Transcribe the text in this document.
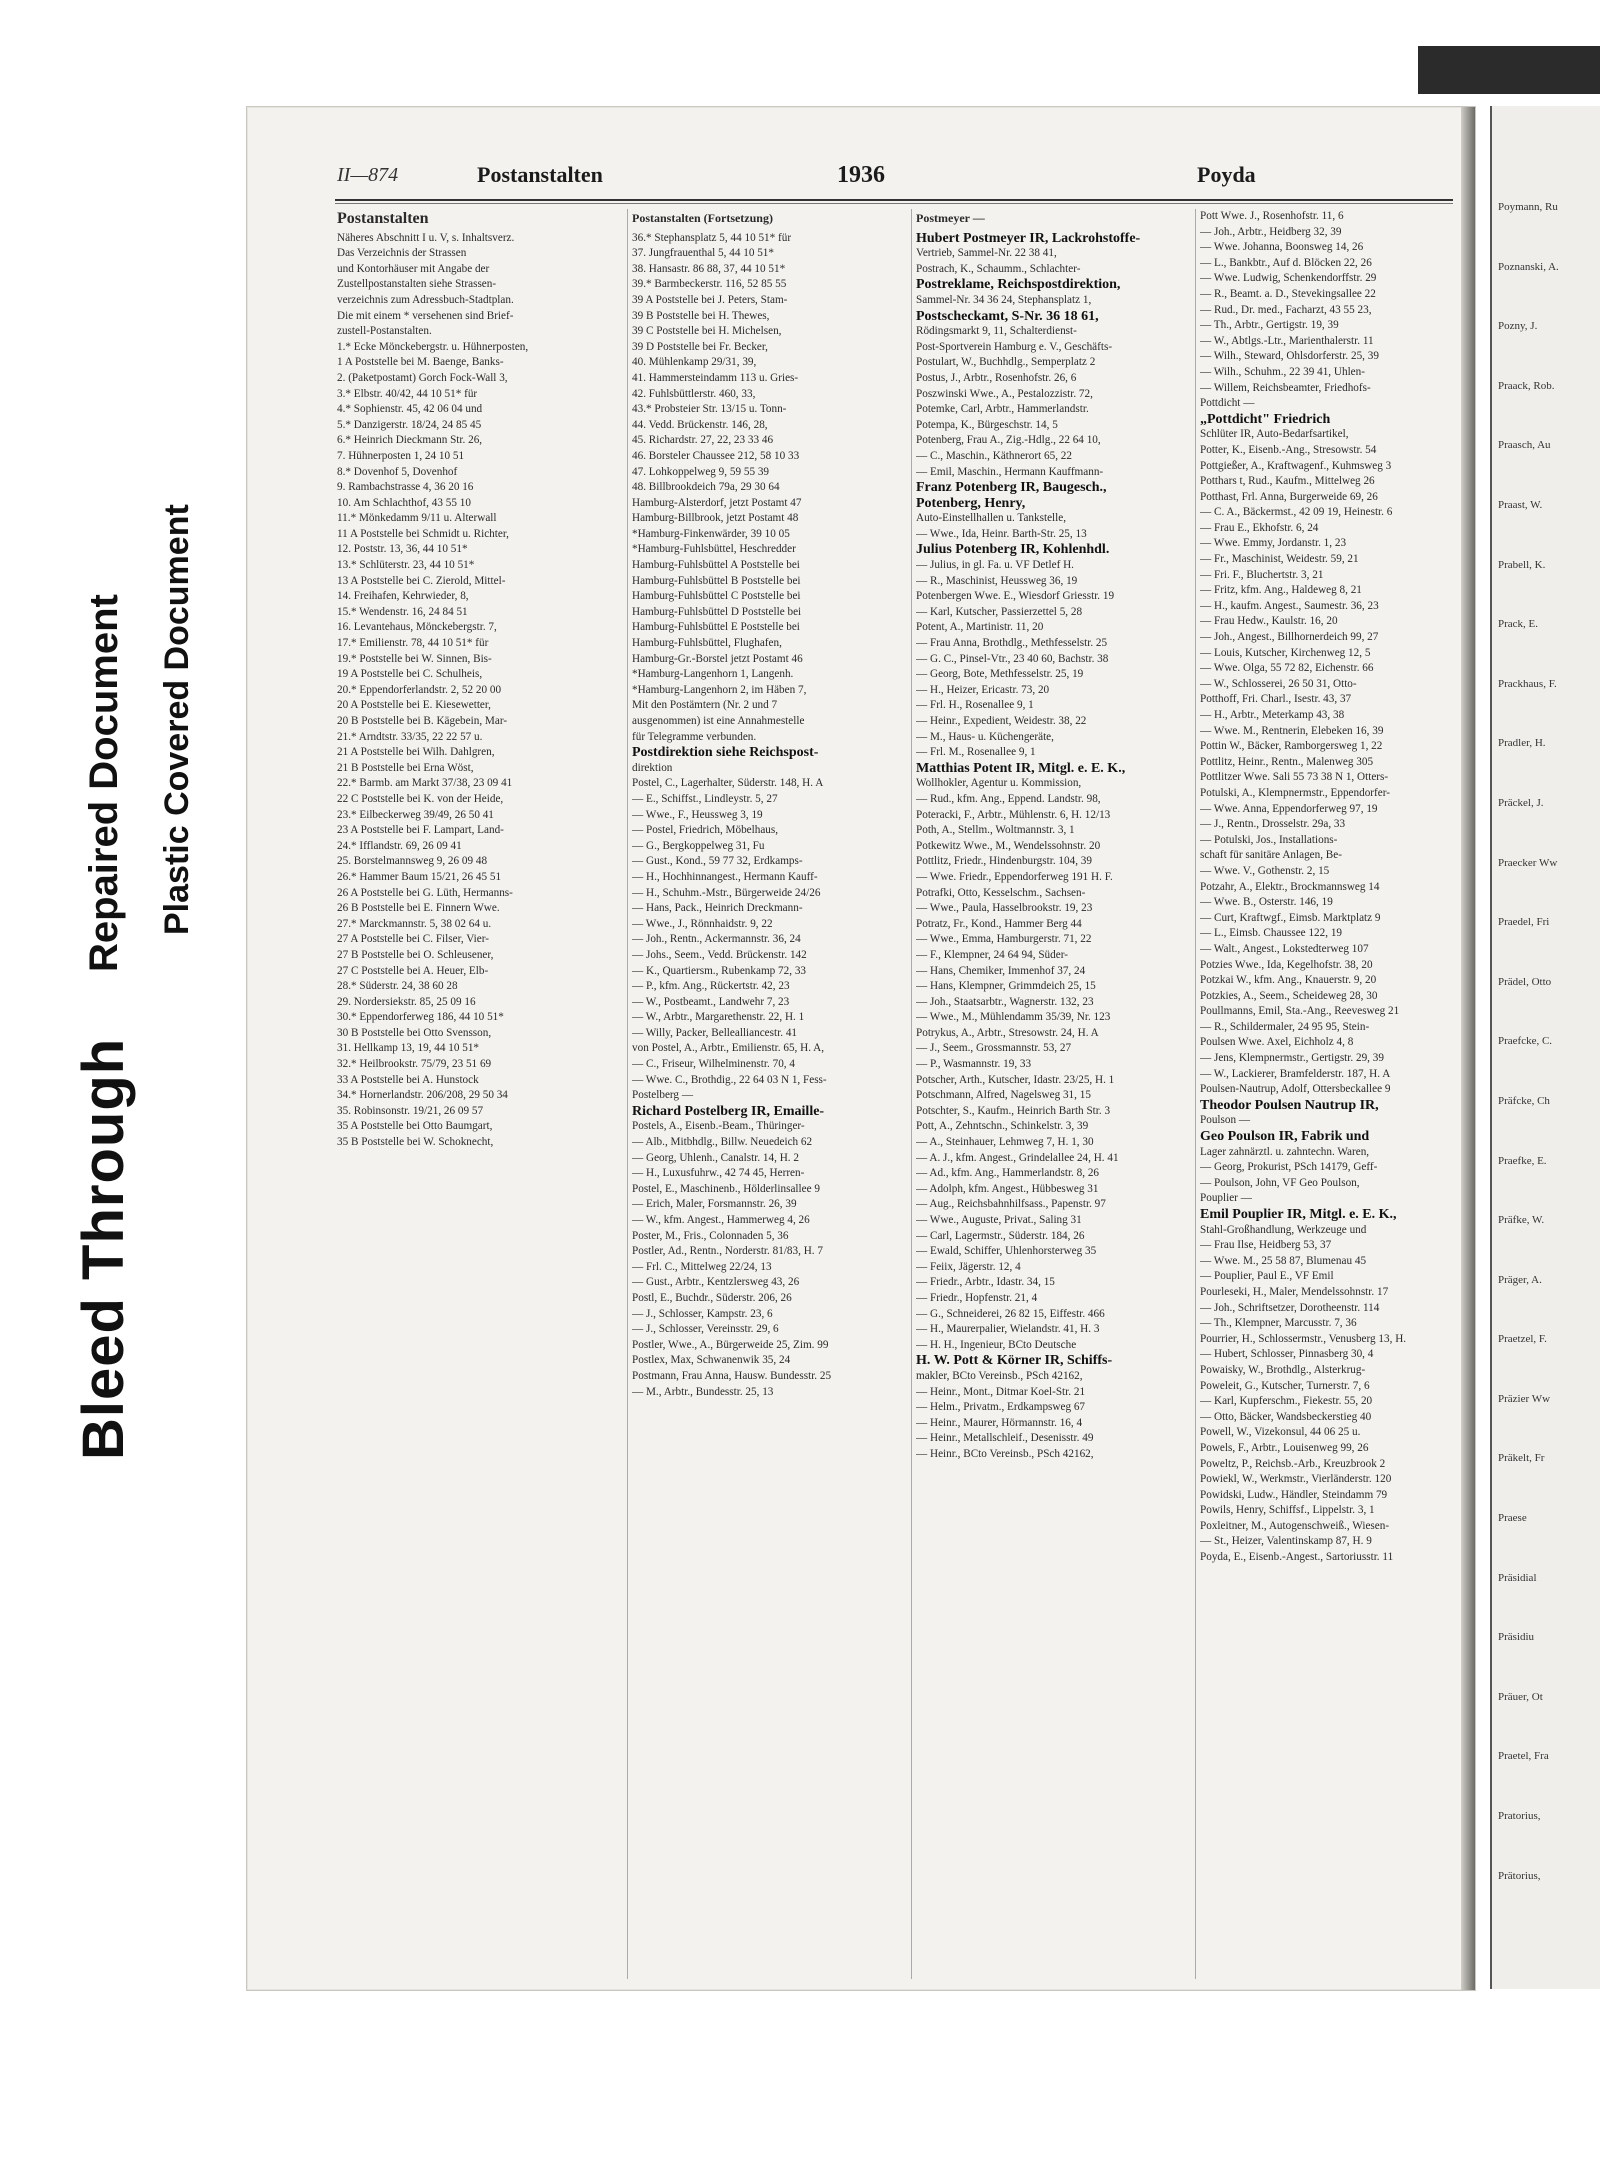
Bleed Through
Repaired Document Plastic Covered Document
II—874	Postanstalten	1936	Poyda
Postanstalten

Näheres Abschnitt I u. V, s. Inhaltsverz.

Das Verzeichnis der Strassen

und Kontorhäuser mit Angabe der

Zustellpostanstalten siehe Strassen-

verzeichnis zum Adressbuch-Stadtplan.

Die mit einem * versehenen sind Brief-

zustell-Postanstalten.

1.* Ecke Mönckebergstr. u. Hühnerposten,

1 A Poststelle bei M. Baenge, Banks-

2. (Paketpostamt) Gorch Fock-Wall 3,

3.* Elbstr. 40/42, 44 10 51* für

4.* Sophienstr. 45, 42 06 04 und

5.* Danzigerstr. 18/24, 24 85 45

6.* Heinrich Dieckmann Str. 26,

7. Hühnerposten 1, 24 10 51

8.* Dovenhof 5, Dovenhof

9. Rambachstrasse 4, 36 20 16

10. Am Schlachthof, 43 55 10

11.* Mönkedamm 9/11 u. Alterwall

11 A Poststelle bei Schmidt u. Richter,

12. Poststr. 13, 36, 44 10 51*

13.* Schlüterstr. 23, 44 10 51*

13 A Poststelle bei C. Zierold, Mittel-

14. Freihafen, Kehrwieder, 8,

15.* Wendenstr. 16, 24 84 51

16. Levantehaus, Mönckebergstr. 7,

17.* Emilienstr. 78, 44 10 51* für

19.* Poststelle bei W. Sinnen, Bis-

19 A Poststelle bei C. Schulheis,

20.* Eppendorferlandstr. 2, 52 20 00

20 A Poststelle bei E. Kiesewetter,

20 B Poststelle bei B. Kägebein, Mar-

21.* Arndtstr. 33/35, 22 22 57 u.

21 A Poststelle bei Wilh. Dahlgren,

21 B Poststelle bei Erna Wöst,

22.* Barmb. am Markt 37/38, 23 09 41

22 C Poststelle bei K. von der Heide,

23.* Eilbeckerweg 39/49, 26 50 41

23 A Poststelle bei F. Lampart, Land-

24.* Ifflandstr. 69, 26 09 41

25. Borstelmannsweg 9, 26 09 48

26.* Hammer Baum 15/21, 26 45 51

26 A Poststelle bei G. Lüth, Hermanns-

26 B Poststelle bei E. Finnern Wwe.

27.* Marckmannstr. 5, 38 02 64 u.

27 A Poststelle bei C. Filser, Vier-

27 B Poststelle bei O. Schleusener,

27 C Poststelle bei A. Heuer, Elb-

28.* Süderstr. 24, 38 60 28

29. Nordersiekstr. 85, 25 09 16

30.* Eppendorferweg 186, 44 10 51*

30 B Poststelle bei Otto Svensson,

31. Hellkamp 13, 19, 44 10 51*

32.* Heilbrookstr. 75/79, 23 51 69

33 A Poststelle bei A. Hunstock

34.* Hornerlandstr. 206/208, 29 50 34

35. Robinsonstr. 19/21, 26 09 57

35 A Poststelle bei Otto Baumgart,

35 B Poststelle bei W. Schoknecht,

Postanstalten (Fortsetzung)

36.* Stephansplatz 5, 44 10 51* für

37. Jungfrauenthal 5, 44 10 51*

38. Hansastr. 86 88, 37, 44 10 51*

39.* Barmbeckerstr. 116, 52 85 55

39 A Poststelle bei J. Peters, Stam-

39 B Poststelle bei H. Thewes,

39 C Poststelle bei H. Michelsen,

39 D Poststelle bei Fr. Becker,

40. Mühlenkamp 29/31, 39,

41. Hammersteindamm 113 u. Gries-

42. Fuhlsbüttlerstr. 460, 33,

43.* Probsteier Str. 13/15 u. Tonn-

44. Vedd. Brückenstr. 146, 28,

45. Richardstr. 27, 22, 23 33 46

46. Borsteler Chaussee 212, 58 10 33

47. Lohkoppelweg 9, 59 55 39

48. Billbrookdeich 79a, 29 30 64

Hamburg-Alsterdorf, jetzt Postamt 47

Hamburg-Billbrook, jetzt Postamt 48

*Hamburg-Finkenwärder, 39 10 05

*Hamburg-Fuhlsbüttel, Heschredder

Hamburg-Fuhlsbüttel A Poststelle bei

Hamburg-Fuhlsbüttel B Poststelle bei

Hamburg-Fuhlsbüttel C Poststelle bei

Hamburg-Fuhlsbüttel D Poststelle bei

Hamburg-Fuhlsbüttel E Poststelle bei

Hamburg-Fuhlsbüttel, Flughafen,

Hamburg-Gr.-Borstel jetzt Postamt 46

*Hamburg-Langenhorn 1, Langenh.

*Hamburg-Langenhorn 2, im Häben 7,

Mit den Postämtern (Nr. 2 und 7

ausgenommen) ist eine Annahmestelle

für Telegramme verbunden.

Postdirektion siehe Reichspost-

direktion

Postel, C., Lagerhalter, Süderstr. 148, H. A

— E., Schiffst., Lindleystr. 5, 27

— Wwe., F., Heussweg 3, 19

— Postel, Friedrich, Möbelhaus,

— G., Bergkoppelweg 31, Fu

— Gust., Kond., 59 77 32, Erdkamps-

— H., Hochhinnangest., Hermann Kauff-

— H., Schuhm.-Mstr., Bürgerweide 24/26

— Hans, Pack., Heinrich Dreckmann-

— Wwe., J., Rönnhaidstr. 9, 22

— Joh., Rentn., Ackermannstr. 36, 24

— Johs., Seem., Vedd. Brückenstr. 142

— K., Quartiersm., Rubenkamp 72, 33

— P., kfm. Ang., Rückertstr. 42, 23

— W., Postbeamt., Landwehr 7, 23

— W., Arbtr., Margarethenstr. 22, H. 1

— Willy, Packer, Belleallianсestr. 41

von Postel, A., Arbtr., Emilienstr. 65, H. A,

— C., Friseur, Wilhelminenstr. 70, 4

— Wwe. C., Brothdig., 22 64 03 N 1, Fess-

Postelberg —

Richard Postelberg IR, Emaille-

Postels, A., Eisenb.-Beam., Thüringer-

— Alb., Mitbhdlg., Billw. Neuedeich 62

— Georg, Uhlenh., Canalstr. 14, H. 2

— H., Luxusfuhrw., 42 74 45, Herren-

Postel, E., Maschinenb., Hölderlinsallee 9

— Erich, Maler, Forsmannstr. 26, 39

— W., kfm. Angest., Hammerweg 4, 26

Poster, M., Fris., Colonnaden 5, 36

Postler, Ad., Rentn., Norderstr. 81/83, H. 7

— Frl. C., Mittelweg 22/24, 13

— Gust., Arbtr., Kentzlersweg 43, 26

Postl, E., Buchdr., Süderstr. 206, 26

— J., Schlosser, Kampstr. 23, 6

— J., Schlosser, Vereinsstr. 29, 6

Postler, Wwe., A., Bürgerweide 25, Zim. 99

Postlex, Max, Schwanenwik 35, 24

Postmann, Frau Anna, Hausw. Bundesstr. 25

— M., Arbtr., Bundesstr. 25, 13

Postmeyer —

Hubert Postmeyer IR, Lackrohstoffe-

Vertrieb, Sammel-Nr. 22 38 41,

Postrach, K., Schaumm., Schlachter-

Postreklame, Reichspostdirektion,

Sammel-Nr. 34 36 24, Stephansplatz 1,

Postscheckamt, S-Nr. 36 18 61,

Rödingsmarkt 9, 11, Schalterdienst-

Post-Sportverein Hamburg e. V., Geschäfts-

Postulart, W., Buchhdlg., Semperplatz 2

Postus, J., Arbtr., Rosenhofstr. 26, 6

Poszwinski Wwe., A., Pestalozzistr. 72,

Potemke, Carl, Arbtr., Hammerlandstr.

Potempa, K., Bürgeschstr. 14, 5

Potenberg, Frau A., Zig.-Hdlg., 22 64 10,

— C., Maschin., Käthnerort 65, 22

— Emil, Maschin., Hermann Kauffmann-

Franz Potenberg IR, Baugesch.,

Potenberg, Henry,

Auto-Einstellhallen u. Tankstelle,

— Wwe., Ida, Heinr. Barth-Str. 25, 13

Julius Potenberg IR, Kohlenhdl.

— Julius, in gl. Fa. u. VF Detlef H.

— R., Maschinist, Heussweg 36, 19

Potenbergen Wwe. E., Wiesdorf Griesstr. 19

— Karl, Kutscher, Passierzettel 5, 28

Potent, A., Martinistr. 11, 20

— Frau Anna, Brothdlg., Methfesselstr. 25

— G. C., Pinsel-Vtr., 23 40 60, Bachstr. 38

— Georg, Bote, Methfesselstr. 25, 19

— H., Heizer, Ericastr. 73, 20

— Frl. H., Rosenallee 9, 1

— Heinr., Expedient, Weidestr. 38, 22

— M., Haus- u. Küchengeräte,

— Frl. M., Rosenallee 9, 1

Matthias Potent IR, Mitgl. e. E. K.,

Wollhokler, Agentur u. Kommission,

— Rud., kfm. Ang., Eppend. Landstr. 98,

Poteracki, F., Arbtr., Mühlenstr. 6, H. 12/13

Poth, A., Stellm., Woltmannstr. 3, 1

Potkewitz Wwe., M., Wendelssohnstr. 20

Pottlitz, Friedr., Hindenburgstr. 104, 39

— Wwe. Friedr., Eppendorferweg 191 H. F.

Potrafki, Otto, Kesselschm., Sachsen-

— Wwe., Paula, Hasselbrookstr. 19, 23

Potratz, Fr., Kond., Hammer Berg 44

— Wwe., Emma, Hamburgerstr. 71, 22

— F., Klempner, 24 64 94, Süder-

— Hans, Chemiker, Immenhof 37, 24

— Hans, Klempner, Grimmdeich 25, 15

— Joh., Staatsarbtr., Wagnerstr. 132, 23

— Wwe., M., Mühlendamm 35/39, Nr. 123

Potrykus, A., Arbtr., Stresowstr. 24, H. A

— J., Seem., Grossmannstr. 53, 27

— P., Wasmannstr. 19, 33

Potscher, Arth., Kutscher, Idastr. 23/25, H. 1

Potschmann, Alfred, Nagelsweg 31, 15

Potschter, S., Kaufm., Heinrich Barth Str. 3

Pott, A., Zehntschn., Schinkelstr. 3, 39

— A., Steinhauer, Lehmweg 7, H. 1, 30

— A. J., kfm. Angest., Grindelallee 24, H. 41

— Ad., kfm. Ang., Hammerlandstr. 8, 26

— Adolph, kfm. Angest., Hübbesweg 31

— Aug., Reichsbahnhilfsass., Papenstr. 97

— Wwe., Auguste, Privat., Saling 31

— Carl, Lagermstr., Süderstr. 184, 26

— Ewald, Schiffer, Uhlenhorsterweg 35

— Feiix, Jägerstr. 12, 4

— Friedr., Arbtr., Idastr. 34, 15

— Friedr., Hopfenstr. 21, 4

— G., Schneiderei, 26 82 15, Eiffestr. 466

— H., Maurerpalier, Wielandstr. 41, H. 3

— H. H., Ingenieur, BCto Deutsche

H. W. Pott & Körner IR, Schiffs-

makler, BCto Vereinsb., PSch 42162,

— Heinr., Mont., Ditmar Koel-Str. 21

— Helm., Privatm., Erdkampsweg 67

— Heinr., Maurer, Hörmannstr. 16, 4

— Heinr., Metallschleif., Desenisstr. 49

— Heinr., BCto Vereinsb., PSch 42162,

Pott Wwe. J., Rosenhofstr. 11, 6

— Joh., Arbtr., Heidberg 32, 39

— Wwe. Johanna, Boonsweg 14, 26

— L., Bankbtr., Auf d. Blöcken 22, 26

— Wwe. Ludwig, Schenkendorffstr. 29

— R., Beamt. a. D., Stevekingsallee 22

— Rud., Dr. med., Facharzt, 43 55 23,

— Th., Arbtr., Gertigstr. 19, 39

— W., Abtlgs.-Ltr., Marienthalerstr. 11

— Wilh., Steward, Ohlsdorferstr. 25, 39

— Wilh., Schuhm., 22 39 41, Uhlen-

— Willem, Reichsbeamter, Friedhofs-

Pottdicht —

„Pottdicht" Friedrich

Schlüter IR, Auto-Bedarfsartikel,

Potter, K., Eisenb.-Ang., Stresowstr. 54

Pottgießer, A., Kraftwagenf., Kuhmsweg 3

Potthars t, Rud., Kaufm., Mittelweg 26

Potthast, Frl. Anna, Burgerweide 69, 26

— C. A., Bäckermst., 42 09 19, Heinestr. 6

— Frau E., Ekhofstr. 6, 24

— Wwe. Emmy, Jordanstr. 1, 23

— Fr., Maschinist, Weidestr. 59, 21

— Fri. F., Bluchertstr. 3, 21

— Fritz, kfm. Ang., Haldeweg 8, 21

— H., kaufm. Angest., Saumestr. 36, 23

— Frau Hedw., Kaulstr. 16, 20

— Joh., Angest., Billhornerdeich 99, 27

— Louis, Kutscher, Kirchenweg 12, 5

— Wwe. Olga, 55 72 82, Eichenstr. 66

— W., Schlosserei, 26 50 31, Otto-

Potthoff, Fri. Charl., Isestr. 43, 37

— H., Arbtr., Meterkamp 43, 38

— Wwe. M., Rentnerin, Elebeken 16, 39

Pottin W., Bäcker, Ramborgersweg 1, 22

Pottlitz, Heinr., Rentn., Malenweg 305

Pottlitzer Wwe. Sali 55 73 38 N 1, Otters-

Potulski, A., Klempnermstr., Eppendorfer-

— Wwe. Anna, Eppendorferweg 97, 19

— J., Rentn., Drosselstr. 29a, 33

— Potulski, Jos., Installations-

schaft für sanitäre Anlagen, Be-

— Wwe. V., Gothenstr. 2, 15

Potzahr, A., Elektr., Brockmannsweg 14

— Wwe. B., Osterstr. 146, 19

— Curt, Kraftwgf., Eimsb. Marktplatz 9

— L., Eimsb. Chaussee 122, 19

— Walt., Angest., Lokstedterweg 107

Potzies Wwe., Ida, Kegelhofstr. 38, 20

Potzkai W., kfm. Ang., Knauerstr. 9, 20

Potzkies, A., Seem., Scheideweg 28, 30

Poullmanns, Emil, Sta.-Ang., Reevesweg 21

— R., Schildermaler, 24 95 95, Stein-

Poulsen Wwe. Axel, Eichholz 4, 8

— Jens, Klempnermstr., Gertigstr. 29, 39

— W., Lackierer, Bramfelderstr. 187, H. A

Poulsen-Nautrup, Adolf, Ottersbeckallee 9

Theodor Poulsen Nautrup IR,

Poulson —

Geo Poulson IR, Fabrik und

Lager zahnärztl. u. zahntechn. Waren,

— Georg, Prokurist, PSch 14179, Geff-

— Poulson, John, VF Geo Poulson,

Pouplier —

Emil Pouplier IR, Mitgl. e. E. K.,

Stahl-Großhandlung, Werkzeuge und

— Frau Ilse, Heidberg 53, 37

— Wwe. M., 25 58 87, Blumenau 45

— Pouplier, Paul E., VF Emil

Pourleseki, H., Maler, Mendelssohnstr. 17

— Joh., Schriftsetzer, Dorotheenstr. 114

— Th., Klempner, Marcusstr. 7, 36

Pourrier, H., Schlossermstr., Venusberg 13, H.

— Hubert, Schlosser, Pinnasberg 30, 4

Powaisky, W., Brothdlg., Alsterkrug-

Poweleit, G., Kutscher, Turnerstr. 7, 6

— Karl, Kupferschm., Fiekestr. 55, 20

— Otto, Bäcker, Wandsbeckerstieg 40

Powell, W., Vizekonsul, 44 06 25 u.

Powels, F., Arbtr., Louisenweg 99, 26

Poweltz, P., Reichsb.-Arb., Kreuzbrook 2

Powiekl, W., Werkmstr., Vierländerstr. 120

Powidski, Ludw., Händler, Steindamm 79

Powils, Henry, Schiffsf., Lippelstr. 3, 1

Poxleitner, M., Autogenschweiß., Wiesen-

— St., Heizer, Valentinskamp 87, H. 9

Poyda, E., Eisenb.-Angest., Sartoriusstr. 11

Poymann, Ru
Poznanski, A.
Pozny, J.
Praack, Rob.
Praasch, Au
Praast, W.
Prabell, K.
Prack, E.
Prackhaus, F.
Pradler, H.
Präckel, J.
Praecker Ww
Praedel, Fri
Prädel, Otto
Praefcke, C.
Präfcke, Ch
Praefke, E.
Präfke, W.
Präger, A.
Praetzel, F.
Präzier Ww
Präkelt, Fr
Praese
Präsidial
Präsidiu
Präuer, Ot
Praetel, Fra
Pratorius,
Prätorius,
